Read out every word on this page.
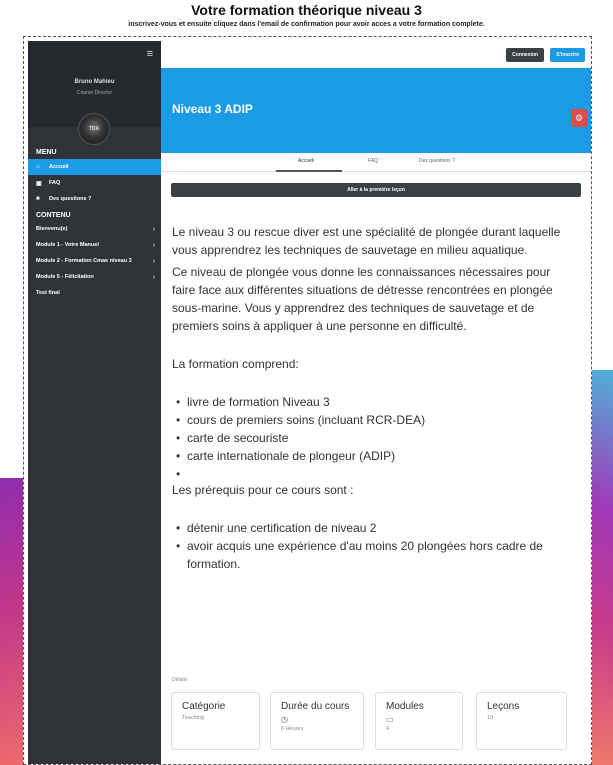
Votre formation théorique niveau 3
inscrivez-vous et ensuite cliquez dans l'email de confirmation pour avoir acces a votre formation complete.
≡
Bruno Mahieu
Course Director
TDA
MENU
⌂	Accueil
▣	FAQ
■	Des questions ?
CONTENU
Bienvenu(e)	›
Module 1 - Votre Manuel	›
Module 2 - Formation Cmas niveau 3	›
Module 5 - Félicitation	›
Test final
Connexion	S'inscrire
Niveau 3 ADIP
⚙
Accueil	FAQ	Des questions ?
Aller à la première leçon

Le niveau 3 ou rescue diver est une spécialité de plongée durant laquelle vous apprendrez les techniques de sauvetage en milieu aquatique.

Ce niveau de plongée vous donne les connaissances nécessaires pour faire face aux différentes situations de détresse rencontrées en plongée sous-marine. Vous y apprendrez des techniques de sauvetage et de premiers soins à appliquer à une personne en difficulté.

La formation comprend:

• livre de formation Niveau 3
• cours de premiers soins (incluant RCR-DEA)
• carte de secouriste
• carte internationale de plongeur (ADIP)
•

Les prérequis pour ce cours sont :

• détenir une certification de niveau 2
• avoir acquis une expérience d'au moins 20 plongées hors cadre de formation.
Détails
Catégorie
Teaching
Durée du cours
◷
6 Heures
Modules
▭
4
Leçons
10
